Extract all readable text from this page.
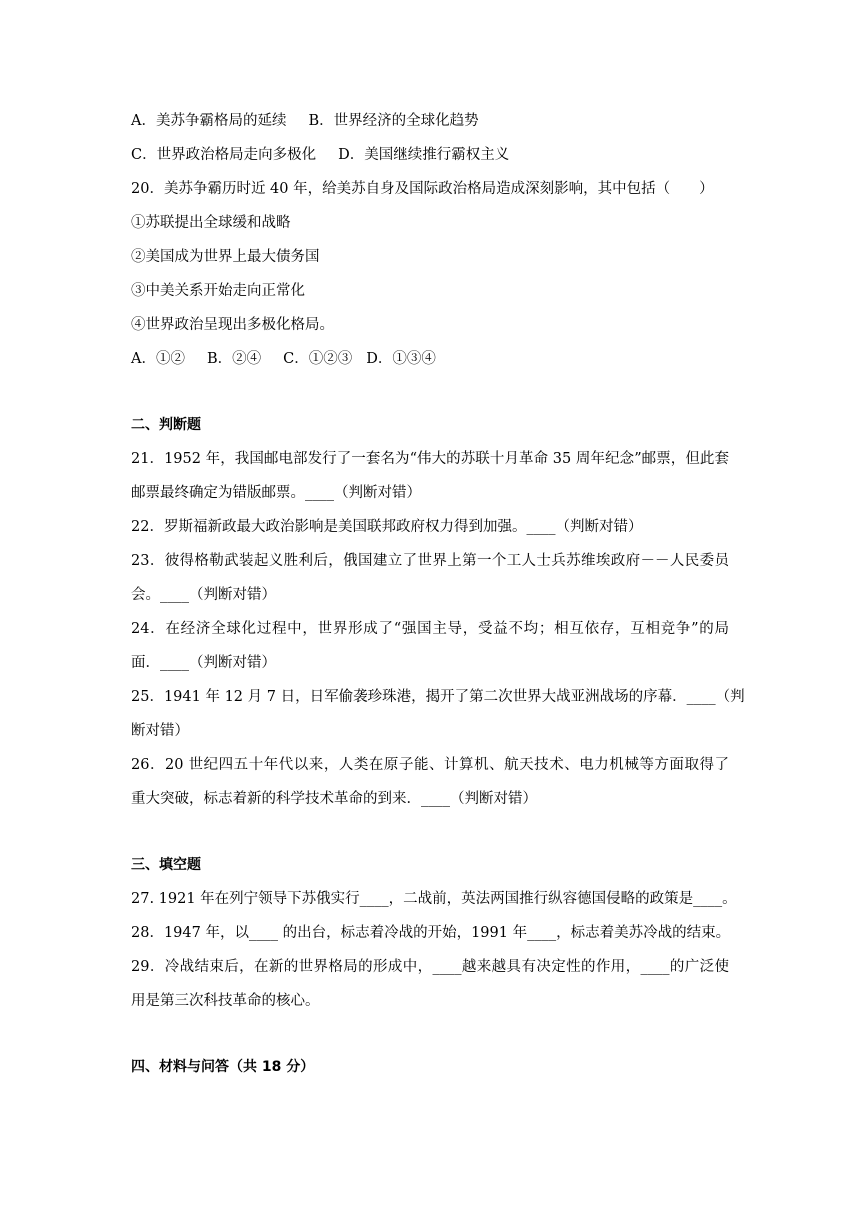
A．美苏争霸格局的延续 B．世界经济的全球化趋势
C．世界政治格局走向多极化 D．美国继续推行霸权主义
20．美苏争霸历时近 40 年，给美苏自身及国际政治格局造成深刻影响，其中包括（　　）
①苏联提出全球缓和战略
②美国成为世界上最大债务国
③中美关系开始走向正常化
④世界政治呈现出多极化格局。
A．①② B．②④ C．①②③ D．①③④
二、判断题
21．1952 年，我国邮电部发行了一套名为“伟大的苏联十月革命 35 周年纪念”邮票，但此套
邮票最终确定为错版邮票。____（判断对错）
22．罗斯福新政最大政治影响是美国联邦政府权力得到加强。____（判断对错）
23．彼得格勒武装起义胜利后，俄国建立了世界上第一个工人士兵苏维埃政府－－人民委员
会。____（判断对错）
24．在经济全球化过程中，世界形成了“强国主导，受益不均；相互依存，互相竞争”的局
面．____（判断对错）
25．1941 年 12 月 7 日，日军偷袭珍珠港，揭开了第二次世界大战亚洲战场的序幕．____（判
断对错）
26．20 世纪四五十年代以来，人类在原子能、计算机、航天技术、电力机械等方面取得了
重大突破，标志着新的科学技术革命的到来．____（判断对错）
三、填空题
27. 1921 年在列宁领导下苏俄实行____，二战前，英法两国推行纵容德国侵略的政策是____。
28．1947 年，以____ 的出台，标志着冷战的开始，1991 年____，标志着美苏冷战的结束。
29．冷战结束后，在新的世界格局的形成中，____越来越具有决定性的作用，____的广泛使
用是第三次科技革命的核心。
四、材料与问答（共 18 分）
